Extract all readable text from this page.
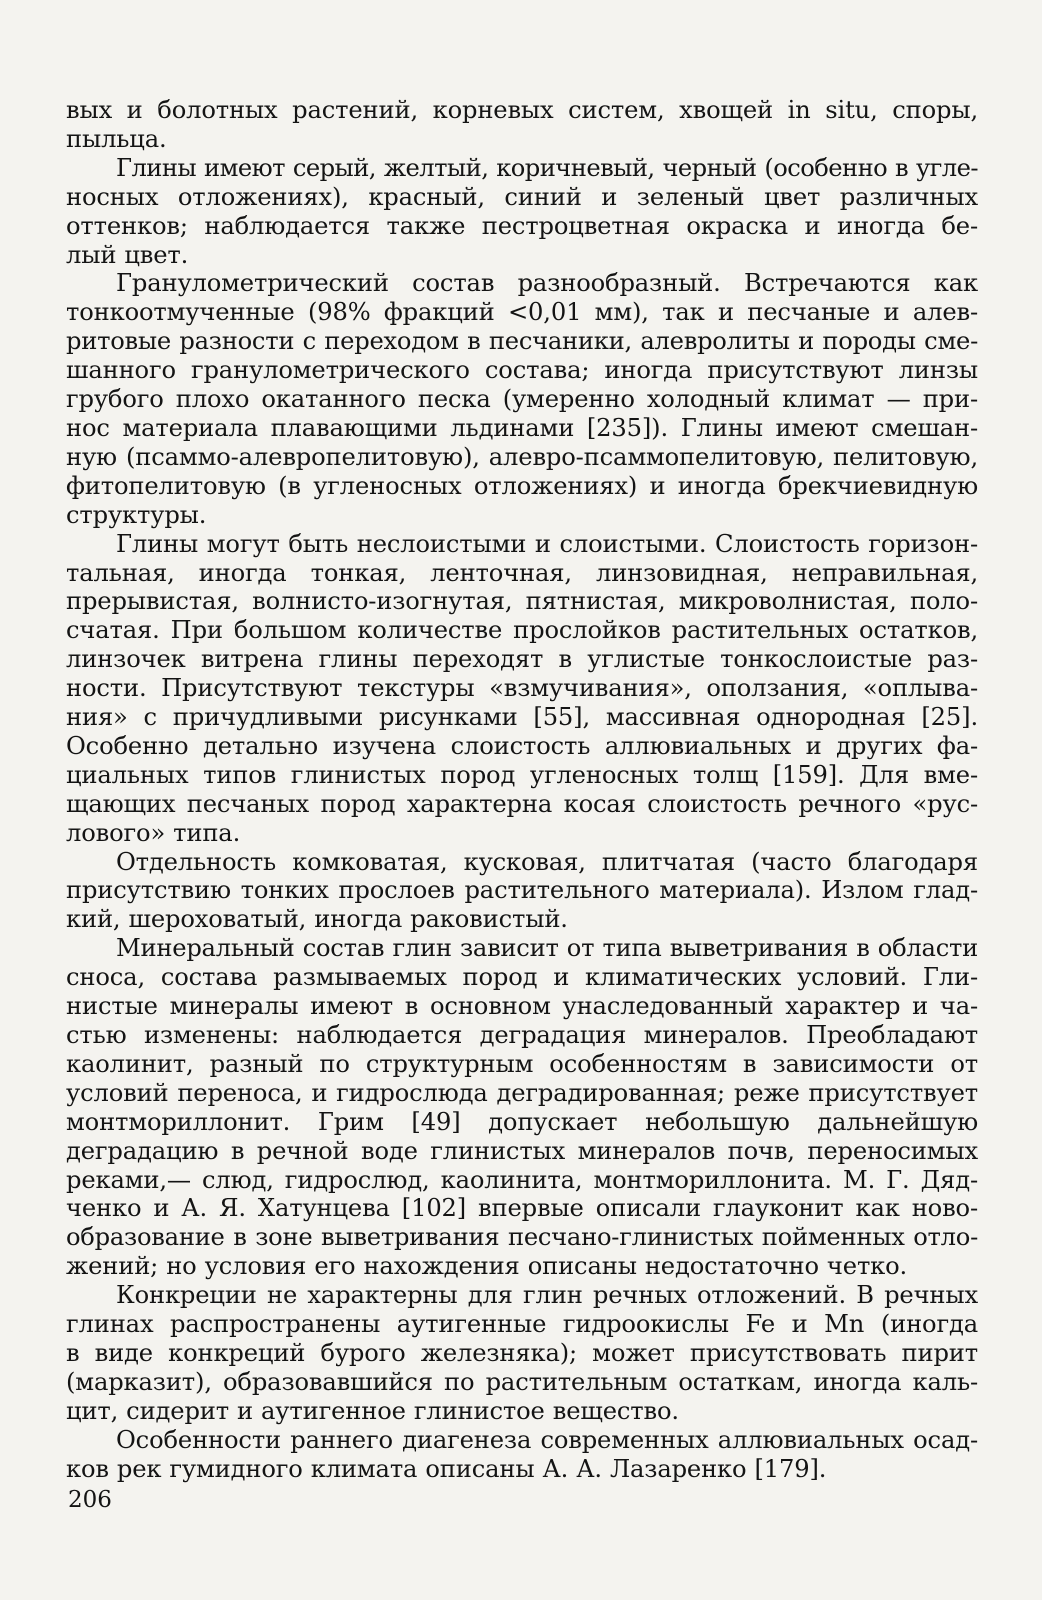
вых и болотных растений, корневых систем, хвощей in situ, споры,
пыльца.

Глины имеют серый, желтый, коричневый, черный (особенно в угле-
носных отложениях), красный, синий и зеленый цвет различных
оттенков; наблюдается также пестроцветная окраска и иногда бе-
лый цвет.

Гранулометрический состав разнообразный. Встречаются как
тонкоотмученные (98% фракций <0,01 мм), так и песчаные и алев-
ритовые разности с переходом в песчаники, алевролиты и породы сме-
шанного гранулометрического состава; иногда присутствуют линзы
грубого плохо окатанного песка (умеренно холодный климат — при-
нос материала плавающими льдинами [235]). Глины имеют смешан-
ную (псаммо-алевропелитовую), алевро-псаммопелитовую, пелитовую,
фитопелитовую (в угленосных отложениях) и иногда брекчиевидную
структуры.

Глины могут быть неслоистыми и слоистыми. Слоистость горизон-
тальная, иногда тонкая, ленточная, линзовидная, неправильная,
прерывистая, волнисто-изогнутая, пятнистая, микроволнистая, поло-
счатая. При большом количестве прослойков растительных остатков,
линзочек витрена глины переходят в углистые тонкослоистые раз-
ности. Присутствуют текстуры «взмучивания», оползания, «оплыва-
ния» с причудливыми рисунками [55], массивная однородная [25].
Особенно детально изучена слоистость аллювиальных и других фа-
циальных типов глинистых пород угленосных толщ [159]. Для вме-
щающих песчаных пород характерна косая слоистость речного «рус-
лового» типа.

Отдельность комковатая, кусковая, плитчатая (часто благодаря
присутствию тонких прослоев растительного материала). Излом глад-
кий, шероховатый, иногда раковистый.

Минеральный состав глин зависит от типа выветривания в области
сноса, состава размываемых пород и климатических условий. Гли-
нистые минералы имеют в основном унаследованный характер и ча-
стью изменены: наблюдается деградация минералов. Преобладают
каолинит, разный по структурным особенностям в зависимости от
условий переноса, и гидрослюда деградированная; реже присутствует
монтмориллонит. Грим [49] допускает небольшую дальнейшую
деградацию в речной воде глинистых минералов почв, переносимых
реками,— слюд, гидрослюд, каолинита, монтмориллонита. М. Г. Дяд-
ченко и А. Я. Хатунцева [102] впервые описали глауконит как ново-
образование в зоне выветривания песчано-глинистых пойменных отло-
жений; но условия его нахождения описаны недостаточно четко.

Конкреции не характерны для глин речных отложений. В речных
глинах распространены аутигенные гидроокислы Fe и Mn (иногда
в виде конкреций бурого железняка); может присутствовать пирит
(марказит), образовавшийся по растительным остаткам, иногда каль-
цит, сидерит и аутигенное глинистое вещество.

Особенности раннего диагенеза современных аллювиальных осад-
ков рек гумидного климата описаны А. А. Лазаренко [179].

206
